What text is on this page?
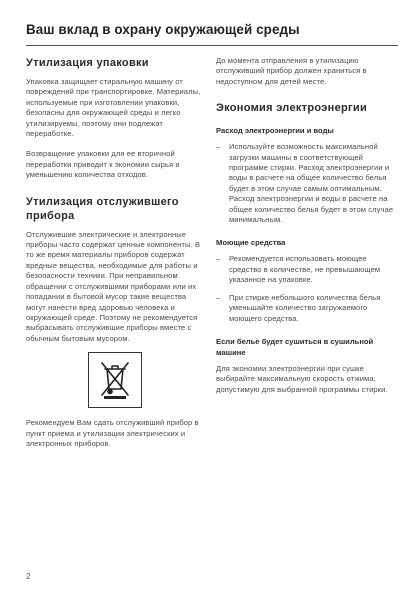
Ваш вклад в охрану окружающей среды
Утилизация упаковки

Упаковка защищает стиральную машину от повреждений при транспортировке. Материалы, используемые при изготовлении упаковки, безопасны для окружающей среды и легко утилизируемы, поэтому они подлежат переработке.

Возвращение упаковки для ее вторичной переработки приводит к экономии сырья и уменьшению количества отходов.

Утилизация отслужившего прибора

Отслужившие электрические и электронные приборы часто содержат ценные компоненты. В то же время материалы приборов содержат вредные вещества, необходимые для работы и безопасности техники. При неправильном обращении с отслужившими приборами или их попадании в бытовой мусор такие вещества могут нанести вред здоровью человека и окружающей среде. Поэтому не рекомендуется выбрасывать отслужившие приборы вместе с обычным бытовым мусором.

Рекомендуем Вам сдать отслуживший прибор в пункт приема и утилизации электрических и электронных приборов.

До момента отправления в утилизацию отслуживший прибор должен храниться в недоступном для детей месте.

Экономия электроэнергии
Расход электроэнергии и воды
– Используйте возможность максимальной загрузки машины в соответствующей программе стирки. Расход электроэнергии и воды в расчете на общее количество белья будет в этом случае самым оптимальным. Расход электроэнергии и воды в расчете на общее количество белья будет в этом случае минимальным.

Моющие средства
– Рекомендуется использовать моющее средство в количестве, не превышающем указанное на упаковке.

– При стирке небольшого количества белья уменьшайте количество загружаемого моющего средства.

Если белье будет сушиться в сушильной машине

Для экономии электроэнергии при сушке выбирайте максимальную скорость отжима, допустимую для выбранной программы стирки.

2
